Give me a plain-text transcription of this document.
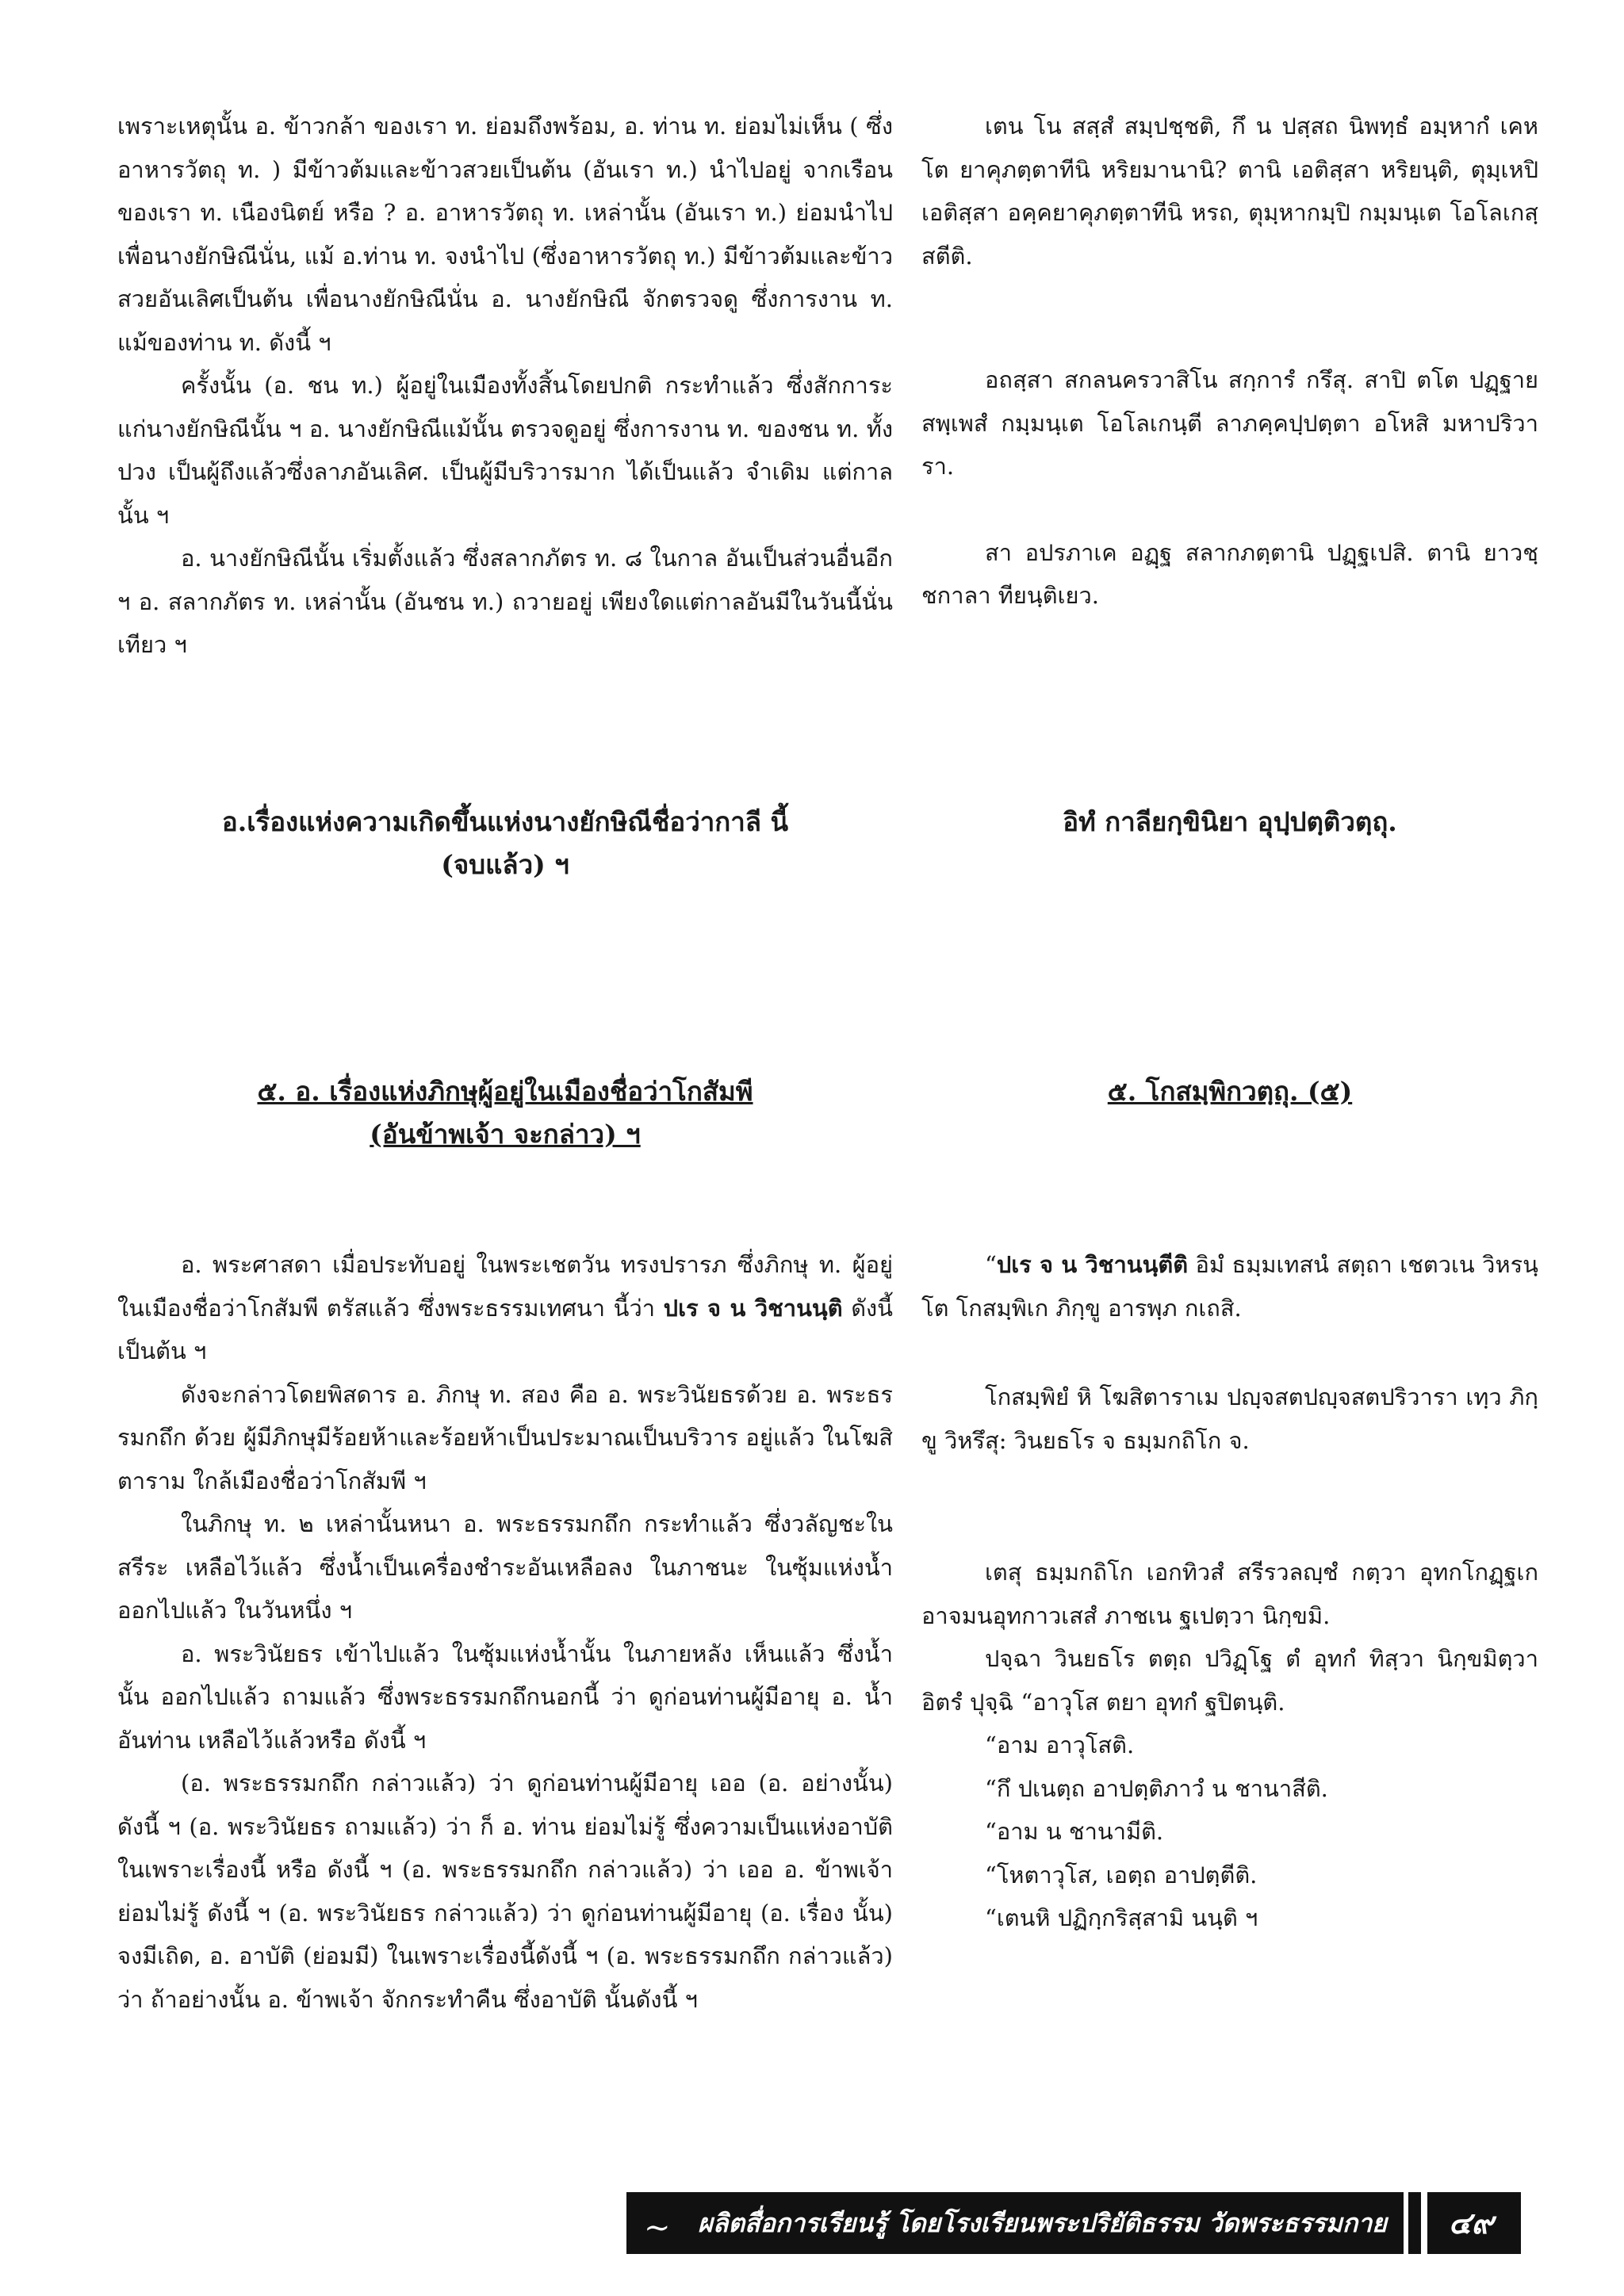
เพราะเหตุนั้น อ. ข้าวกล้า ของเรา ท. ย่อมถึงพร้อม, อ. ท่าน ท. ย่อมไม่เห็น ( ซึ่งอาหารวัตถุ ท. ) มีข้าวต้มและข้าวสวยเป็นต้น (อันเรา ท.) นำไปอยู่ จากเรือน ของเรา ท. เนืองนิตย์ หรือ ? อ. อาหารวัตถุ ท. เหล่านั้น (อันเรา ท.) ย่อมนำไป เพื่อนางยักษิณีนั่น, แม้ อ.ท่าน ท. จงนำไป (ซึ่งอาหารวัตถุ ท.) มีข้าวต้มและข้าวสวยอันเลิศเป็นต้น เพื่อนางยักษิณีนั่น อ. นางยักษิณี จักตรวจดู ซึ่งการงาน ท. แม้ของท่าน ท. ดังนี้ ฯ

ครั้งนั้น (อ. ชน ท.) ผู้อยู่ในเมืองทั้งสิ้นโดยปกติ กระทำแล้ว ซึ่งสักการะ แก่นางยักษิณีนั้น ฯ อ. นางยักษิณีแม้นั้น ตรวจดูอยู่ ซึ่งการงาน ท. ของชน ท. ทั้งปวง เป็นผู้ถึงแล้วซึ่งลาภอันเลิศ. เป็นผู้มีบริวารมาก ได้เป็นแล้ว จำเดิม แต่กาลนั้น ฯ

อ. นางยักษิณีนั้น เริ่มตั้งแล้ว ซึ่งสลากภัตร ท. ๘ ในกาล อันเป็นส่วนอื่นอีก ฯ อ. สลากภัตร ท. เหล่านั้น (อันชน ท.) ถวายอยู่ เพียงใดแต่กาลอันมีในวันนี้นั่นเทียว ฯ

เตน โน สสฺสํ สมฺปชฺชติ, กึ น ปสฺสถ นิพทฺธํ อมฺหากํ เคหโต ยาคุภตฺตาทีนิ หริยมานานิ? ตานิ เอติสฺสา หริยนฺติ, ตุมฺเหปิ เอติสฺสา อคฺคยาคุภตฺตาทีนิ หรถ, ตุมฺหากมฺปิ กมฺมนฺเต โอโลเกสฺสตีติ.

อถสฺสา สกลนครวาสิโน สกฺการํ กรึสุ. สาปิ ตโต ปฏฺฐาย สพฺเพสํ กมฺมนฺเต โอโลเกนฺตี ลาภคฺคปฺปตฺตา อโหสิ มหาปริวารา.

สา อปรภาเค อฏฺฐ สลากภตฺตานิ ปฏฺฐเปสิ. ตานิ ยาวชฺชกาลา ทียนฺติเยว.

อ.เรื่องแห่งความเกิดขึ้นแห่งนางยักษิณีชื่อว่ากาลี นี้
(จบแล้ว) ฯ
อิทํ กาลียกฺขินิยา อุปฺปตฺติวตฺถุ.
๕. อ. เรื่องแห่งภิกษุผู้อยู่ในเมืองชื่อว่าโกสัมพี
(อันข้าพเจ้า จะกล่าว) ฯ
๕. โกสมฺพิกวตฺถุ. (๕)

อ. พระศาสดา เมื่อประทับอยู่ ในพระเชตวัน ทรงปรารภ ซึ่งภิกษุ ท. ผู้อยู่ในเมืองชื่อว่าโกสัมพี ตรัสแล้ว ซึ่งพระธรรมเทศนา นี้ว่า ปเร จ น วิชานนฺติ ดังนี้เป็นต้น ฯ

ดังจะกล่าวโดยพิสดาร อ. ภิกษุ ท. สอง คือ อ. พระวินัยธรด้วย อ. พระธรรมกถึก ด้วย ผู้มีภิกษุมีร้อยห้าและร้อยห้าเป็นประมาณเป็นบริวาร อยู่แล้ว ในโฆสิตาราม ใกล้เมืองชื่อว่าโกสัมพี ฯ

ในภิกษุ ท. ๒ เหล่านั้นหนา อ. พระธรรมกถึก กระทำแล้ว ซึ่งวลัญชะในสรีระ เหลือไว้แล้ว ซึ่งน้ำเป็นเครื่องชำระอันเหลือลง ในภาชนะ ในซุ้มแห่งน้ำ ออกไปแล้ว ในวันหนึ่ง ฯ

อ. พระวินัยธร เข้าไปแล้ว ในซุ้มแห่งน้ำนั้น ในภายหลัง เห็นแล้ว ซึ่งน้ำนั้น ออกไปแล้ว ถามแล้ว ซึ่งพระธรรมกถึกนอกนี้ ว่า ดูก่อนท่านผู้มีอายุ อ. น้ำ อันท่าน เหลือไว้แล้วหรือ ดังนี้ ฯ

(อ. พระธรรมกถึก กล่าวแล้ว) ว่า ดูก่อนท่านผู้มีอายุ เออ (อ. อย่างนั้น) ดังนี้ ฯ (อ. พระวินัยธร ถามแล้ว) ว่า ก็ อ. ท่าน ย่อมไม่รู้ ซึ่งความเป็นแห่งอาบัติ ในเพราะเรื่องนี้ หรือ ดังนี้ ฯ (อ. พระธรรมกถึก กล่าวแล้ว) ว่า เออ อ. ข้าพเจ้า ย่อมไม่รู้ ดังนี้ ฯ (อ. พระวินัยธร กล่าวแล้ว) ว่า ดูก่อนท่านผู้มีอายุ (อ. เรื่อง นั้น) จงมีเถิด, อ. อาบัติ (ย่อมมี) ในเพราะเรื่องนี้ดังนี้ ฯ (อ. พระธรรมกถึก กล่าวแล้ว) ว่า ถ้าอย่างนั้น อ. ข้าพเจ้า จักกระทำคืน ซึ่งอาบัติ นั้นดังนี้ ฯ

“ปเร จ น วิชานนฺตีติ อิมํ ธมฺมเทสนํ สตฺถา เชตวเน วิหรนฺโต โกสมฺพิเก ภิกฺขู อารพฺภ กเถสิ.

โกสมฺพิยํ หิ โฆสิตาราเม ปญฺจสตปญฺจสตปริวารา เทฺว ภิกฺขู วิหรึสุ: วินยธโร จ ธมฺมกถิโก จ.

เตสุ ธมฺมกถิโก เอกทิวสํ สรีรวลญฺชํ กตฺวา อุทกโกฏฺฐเก อาจมนอุทกาวเสสํ ภาชเน ฐเปตฺวา นิกฺขมิ.

ปจฺฉา วินยธโร ตตฺถ ปวิฏฺโฐ ตํ อุทกํ ทิสฺวา นิกฺขมิตฺวา อิตรํ ปุจฺฉิ “อาวุโส ตยา อุทกํ ฐปิตนฺติ.

“อาม อาวุโสติ.

“กึ ปเนตฺถ อาปตฺติภาวํ น ชานาสีติ.

“อาม น ชานามีติ.

“โหตาวุโส, เอตฺถ อาปตฺตีติ.

“เตนหิ ปฏิกฺกริสฺสามิ นนฺติ ฯ

∼ ผลิตสื่อการเรียนรู้ โดยโรงเรียนพระปริยัติธรรม วัดพระธรรมกาย	๔๙
